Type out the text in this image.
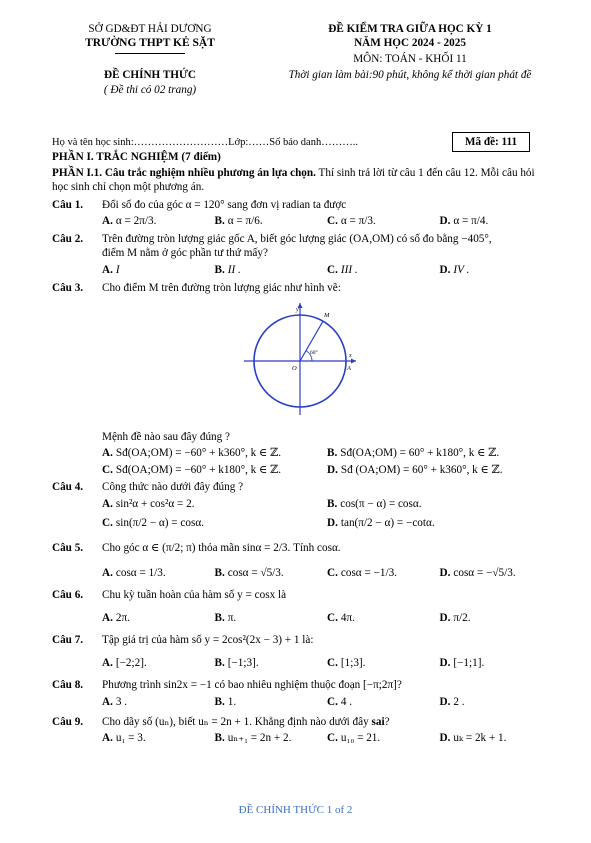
SỞ GD&ĐT HẢI DƯƠNG
TRƯỜNG THPT KẺ SẶT
ĐỀ CHÍNH THỨC
( Đề thi có 02 trang)
ĐỀ KIỂM TRA GIỮA HỌC KỲ 1
NĂM HỌC 2024 - 2025
MÔN: TOÁN - KHỐI 11
Thời gian làm bài:90 phút, không kể thời gian phát đề
Họ và tên học sinh:………………………Lớp:……Số báo danh………..	Mã đề: 111
PHẦN I. TRẮC NGHIỆM (7 điểm)
PHẦN I.1. Câu trắc nghiệm nhiều phương án lựa chọn. Thí sinh trả lời từ câu 1 đến câu 12. Mỗi câu hỏi học sinh chỉ chọn một phương án.
Câu 1. Đổi số đo của góc α = 120° sang đơn vị radian ta được
A. α = 2π/3.	B. α = π/6.	C. α = π/3.	D. α = π/4.
Câu 2. Trên đường tròn lượng giác gốc A, biết góc lượng giác (OA,OM) có số đo bằng −405°,
điểm M nằm ở góc phần tư thứ mấy?
A. I	B. II .	C. III .	D. IV .
Câu 3. Cho điểm M trên đường tròn lượng giác như hình vẽ:
y
x
O	A
M
60°
Mệnh đề nào sau đây đúng ?
A. Sđ(OA;OM) = −60° + k360°, k ∈ ℤ.	B. Sđ(OA;OM) = 60° + k180°, k ∈ ℤ.
C. Sđ(OA;OM) = −60° + k180°, k ∈ ℤ.	D. Sđ (OA;OM) = 60° + k360°, k ∈ ℤ.
Câu 4. Công thức nào dưới đây đúng ?
A. sin²α + cos²α = 2.	B. cos(π − α) = cosα.
C. sin(π/2 − α) = cosα.	D. tan(π/2 − α) = −cotα.
Câu 5. Cho góc α ∈ (π/2; π) thỏa mãn sinα = 2/3. Tính cosα.
A. cosα = 1/3.	B. cosα = √5/3.	C. cosα = −1/3.	D. cosα = −√5/3.
Câu 6. Chu kỳ tuần hoàn của hàm số y = cosx là
A. 2π.	B. π.	C. 4π.	D. π/2.
Câu 7. Tập giá trị của hàm số y = 2cos²(2x − 3) + 1 là:
A. [−2;2].	B. [−1;3].	C. [1;3].	D. [−1;1].
Câu 8. Phương trình sin2x = −1 có bao nhiêu nghiệm thuộc đoạn [−π;2π]?
A. 3 .	B. 1.	C. 4 .	D. 2 .
Câu 9. Cho dãy số (uₙ), biết uₙ = 2n + 1. Khẳng định nào dưới đây sai?
A. u₁ = 3.	B. uₙ₊₁ = 2n + 2.	C. u₁₀ = 21.	D. uₖ = 2k + 1.
ĐỀ CHÍNH THỨC 1 of 2
